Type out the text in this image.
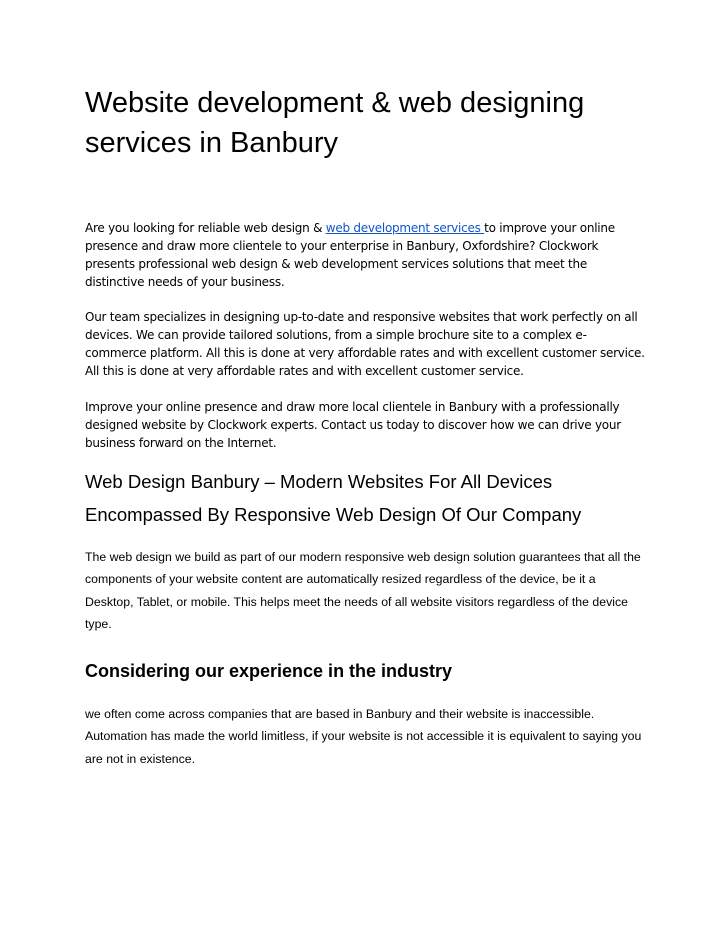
Website development & web designing services in Banbury

Are you looking for reliable web design & web development services to improve your online presence and draw more clientele to your enterprise in Banbury, Oxfordshire? Clockwork presents professional web design & web development services solutions that meet the distinctive needs of your business.

Our team specializes in designing up-to-date and responsive websites that work perfectly on all devices. We can provide tailored solutions, from a simple brochure site to a complex e-commerce platform. All this is done at very affordable rates and with excellent customer service. All this is done at very affordable rates and with excellent customer service.

Improve your online presence and draw more local clientele in Banbury with a professionally designed website by Clockwork experts. Contact us today to discover how we can drive your business forward on the Internet.

Web Design Banbury – Modern Websites For All Devices Encompassed By Responsive Web Design Of Our Company

The web design we build as part of our modern responsive web design solution guarantees that all the components of your website content are automatically resized regardless of the device, be it a Desktop, Tablet, or mobile. This helps meet the needs of all website visitors regardless of the device type.

Considering our experience in the industry

we often come across companies that are based in Banbury and their website is inaccessible. Automation has made the world limitless, if your website is not accessible it is equivalent to saying you are not in existence.
